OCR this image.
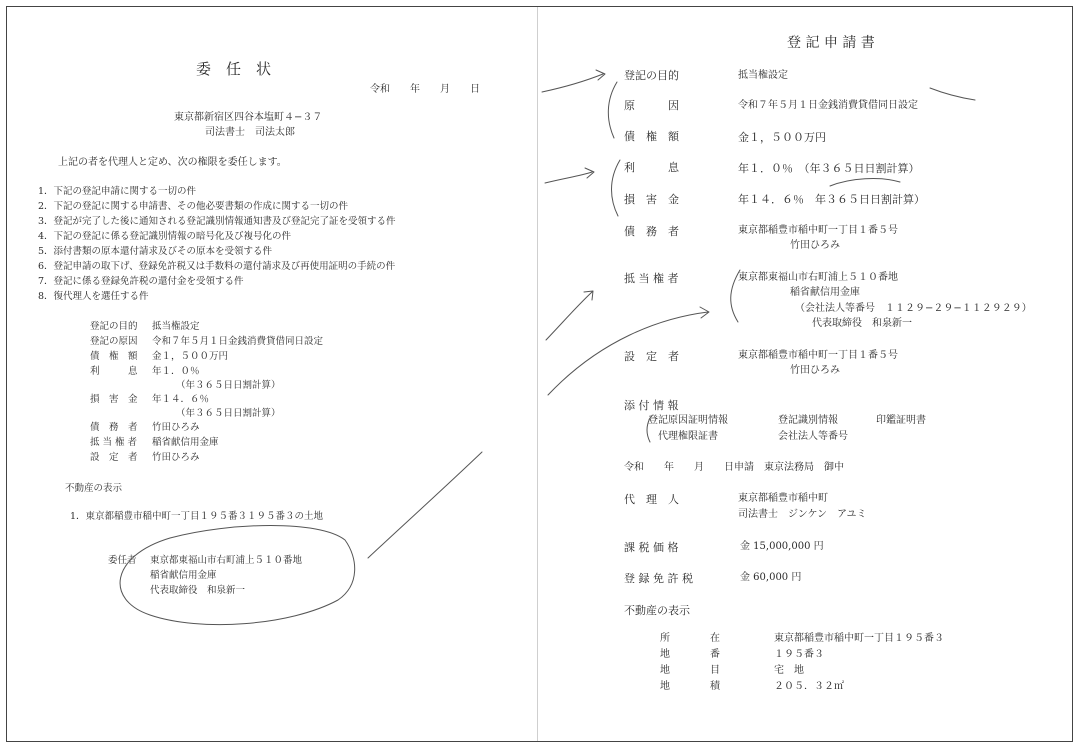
委　任　状
令和　　年　　月　　日
東京都新宿区四谷本塩町４−３７
司法書士　司法太郎
上記の者を代理人と定め、次の権限を委任します。
1．下記の登記申請に関する一切の件
2．下記の登記に関する申請書、その他必要書類の作成に関する一切の件
3．登記が完了した後に通知される登記識別情報通知書及び登記完了証を受領する件
4．下記の登記に係る登記識別情報の暗号化及び複号化の件
5．添付書類の原本還付請求及びその原本を受領する件
6．登記申請の取下げ、登録免許税又は手数料の還付請求及び再使用証明の手続の件
7．登記に係る登録免許税の還付金を受領する件
8．復代理人を選任する件
登記の目的 抵当権設定
登記の原因 令和７年５月１日金銭消費貸借同日設定
債　権　額 金１，５００万円
利　　　息 年１．０％
（年３６５日日割計算）
損　害　金 年１４．６％
（年３６５日日割計算）
債　務　者 竹田ひろみ
抵 当 権 者 稲省献信用金庫
設　定　者 竹田ひろみ
不動産の表示
1．東京都稲豊市稲中町一丁目１９５番３１９５番３の土地
委任者 東京都東福山市右町浦上５１０番地
稲省献信用金庫
代表取締役　和泉新一
登 記 申 請 書
登記の目的	抵当権設定
原　　　因	令和７年５月１日金銭消費貸借同日設定
債　権　額	金１，５００万円
利　　　息	年１．０％　（年３６５日日割計算）
損　害　金	年１４．６％　年３６５日日割計算）
債　務　者	東京都稲豊市稲中町一丁目１番５号
竹田ひろみ
抵 当 権 者	東京都東福山市右町浦上５１０番地
稲省献信用金庫
（会社法人等番号　１１２９−２９−１１２９２９）
代表取締役　和泉新一
設　定　者	東京都稲豊市稲中町一丁目１番５号
竹田ひろみ
添 付 情 報
登記原因証明情報	登記識別情報	印鑑証明書
代理権限証書	会社法人等番号
令和　　年　　月　　日申請　東京法務局　御中
代　理　人	東京都稲豊市稲中町
司法書士　ジンケン　アユミ
課 税 価 格	金 15,000,000 円
登 録 免 許 税	金 60,000 円
不動産の表示
所　　　　在	東京都稲豊市稲中町一丁目１９５番３
地　　　　番	１９５番３
地　　　　目	宅　地
地　　　　積	２０５．３２㎡
